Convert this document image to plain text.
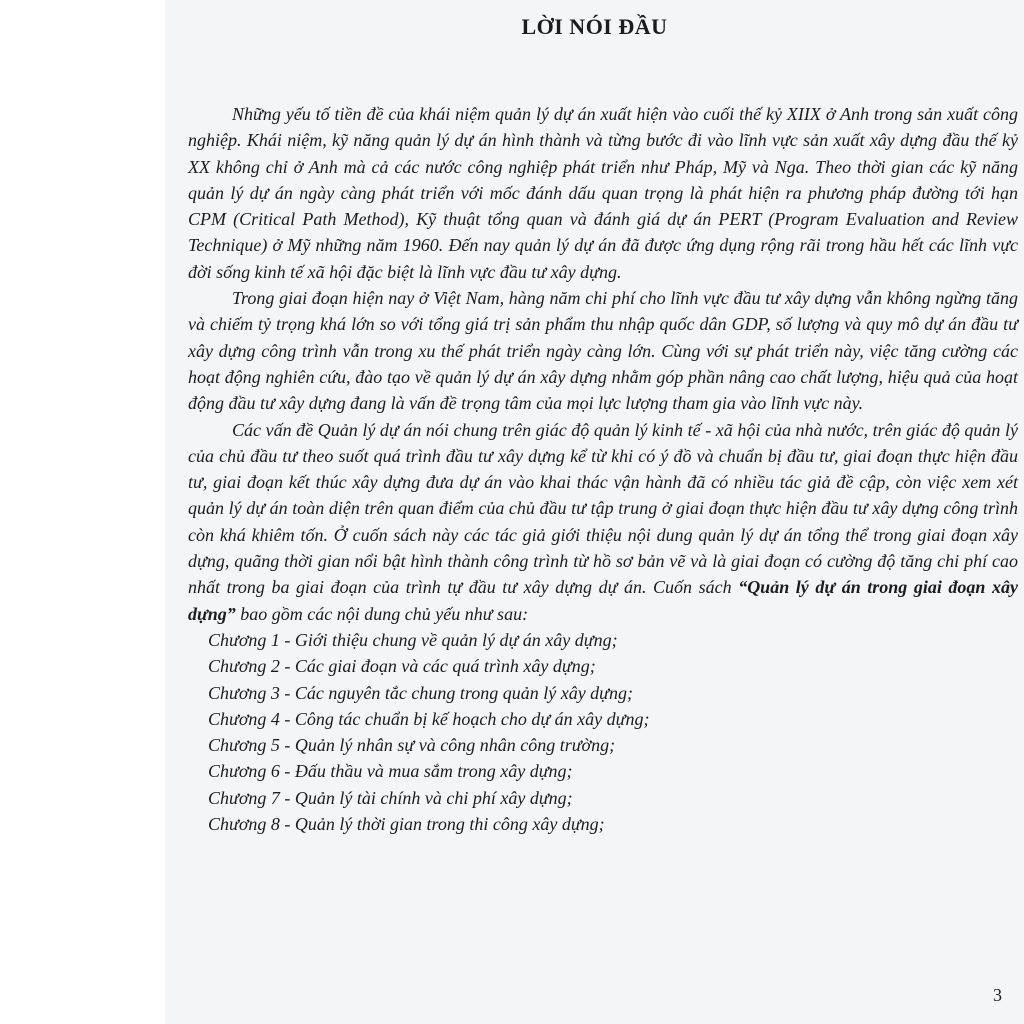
LỜI NÓI ĐẦU

Những yếu tố tiền đề của khái niệm quản lý dự án xuất hiện vào cuối thế kỷ XIIX ở Anh trong sản xuất công nghiệp. Khái niệm, kỹ năng quản lý dự án hình thành và từng bước đi vào lĩnh vực sản xuất xây dựng đầu thế kỷ XX không chỉ ở Anh mà cả các nước công nghiệp phát triển như Pháp, Mỹ và Nga. Theo thời gian các kỹ năng quản lý dự án ngày càng phát triển với mốc đánh dấu quan trọng là phát hiện ra phương pháp đường tới hạn CPM (Critical Path Method), Kỹ thuật tổng quan và đánh giá dự án PERT (Program Evaluation and Review Technique) ở Mỹ những năm 1960. Đến nay quản lý dự án đã được ứng dụng rộng rãi trong hầu hết các lĩnh vực đời sống kinh tế xã hội đặc biệt là lĩnh vực đầu tư xây dựng.

Trong giai đoạn hiện nay ở Việt Nam, hàng năm chi phí cho lĩnh vực đầu tư xây dựng vẫn không ngừng tăng và chiếm tỷ trọng khá lớn so với tổng giá trị sản phẩm thu nhập quốc dân GDP, số lượng và quy mô dự án đầu tư xây dựng công trình vẫn trong xu thế phát triển ngày càng lớn. Cùng với sự phát triển này, việc tăng cường các hoạt động nghiên cứu, đào tạo về quản lý dự án xây dựng nhằm góp phần nâng cao chất lượng, hiệu quả của hoạt động đầu tư xây dựng đang là vấn đề trọng tâm của mọi lực lượng tham gia vào lĩnh vực này.

Các vấn đề Quản lý dự án nói chung trên giác độ quản lý kinh tế - xã hội của nhà nước, trên giác độ quản lý của chủ đầu tư theo suốt quá trình đầu tư xây dựng kể từ khi có ý đồ và chuẩn bị đầu tư, giai đoạn thực hiện đầu tư, giai đoạn kết thúc xây dựng đưa dự án vào khai thác vận hành đã có nhiều tác giả đề cập, còn việc xem xét quản lý dự án toàn diện trên quan điểm của chủ đầu tư tập trung ở giai đoạn thực hiện đầu tư xây dựng công trình còn khá khiêm tốn. Ở cuốn sách này các tác giả giới thiệu nội dung quản lý dự án tổng thể trong giai đoạn xây dựng, quãng thời gian nổi bật hình thành công trình từ hồ sơ bản vẽ và là giai đoạn có cường độ tăng chi phí cao nhất trong ba giai đoạn của trình tự đầu tư xây dựng dự án. Cuốn sách “Quản lý dự án trong giai đoạn xây dựng” bao gồm các nội dung chủ yếu như sau:

Chương 1 - Giới thiệu chung về quản lý dự án xây dựng;
Chương 2 - Các giai đoạn và các quá trình xây dựng;
Chương 3 - Các nguyên tắc chung trong quản lý xây dựng;
Chương 4 - Công tác chuẩn bị kế hoạch cho dự án xây dựng;
Chương 5 - Quản lý nhân sự và công nhân công trường;
Chương 6 - Đấu thầu và mua sắm trong xây dựng;
Chương 7 - Quản lý tài chính và chi phí xây dựng;
Chương 8 - Quản lý thời gian trong thi công xây dựng;
3
